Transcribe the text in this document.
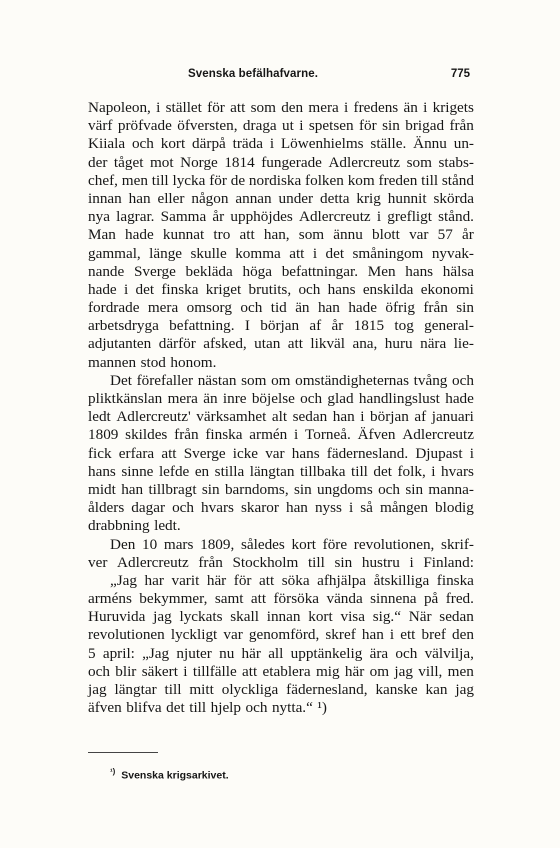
Svenska befälhafvarne.	775
Napoleon, i stället för att som den mera i fredens än i krigets
värf pröfvade öfversten, draga ut i spetsen för sin brigad från
Kiiala och kort därpå träda i Löwenhielms ställe. Ännu un-
der tåget mot Norge 1814 fungerade Adlercreutz som stabs-
chef, men till lycka för de nordiska folken kom freden till stånd
innan han eller någon annan under detta krig hunnit skörda
nya lagrar. Samma år upphöjdes Adlercreutz i grefligt stånd.
Man hade kunnat tro att han, som ännu blott var 57 år
gammal, länge skulle komma att i det småningom nyvak-
nande Sverge bekläda höga befattningar. Men hans hälsa
hade i det finska kriget brutits, och hans enskilda ekonomi
fordrade mera omsorg och tid än han hade öfrig från sin
arbetsdryga befattning. I början af år 1815 tog general-
adjutanten därför afsked, utan att likväl ana, huru nära lie-
mannen stod honom.
Det förefaller nästan som om omständigheternas tvång och
pliktkänslan mera än inre böjelse och glad handlingslust hade
ledt Adlercreutz' värksamhet alt sedan han i början af januari
1809 skildes från finska armén i Torneå. Äfven Adlercreutz
fick erfara att Sverge icke var hans fädernesland. Djupast i
hans sinne lefde en stilla längtan tillbaka till det folk, i hvars
midt han tillbragt sin barndoms, sin ungdoms och sin manna-
ålders dagar och hvars skaror han nyss i så mången blodig
drabbning ledt.
Den 10 mars 1809, således kort före revolutionen, skrif-
ver Adlercreutz från Stockholm till sin hustru i Finland:
„Jag har varit här för att söka afhjälpa åtskilliga finska
arméns bekymmer, samt att försöka vända sinnena på fred.
Huruvida jag lyckats skall innan kort visa sig.“ När sedan
revolutionen lyckligt var genomförd, skref han i ett bref den
5 april: „Jag njuter nu här all upptänkelig ära och välvilja,
och blir säkert i tillfälle att etablera mig här om jag vill, men
jag längtar till mitt olyckliga fädernesland, kanske kan jag
äfven blifva det till hjelp och nytta.“ ¹)
$^{^1)}$ Svenska krigsarkivet.
